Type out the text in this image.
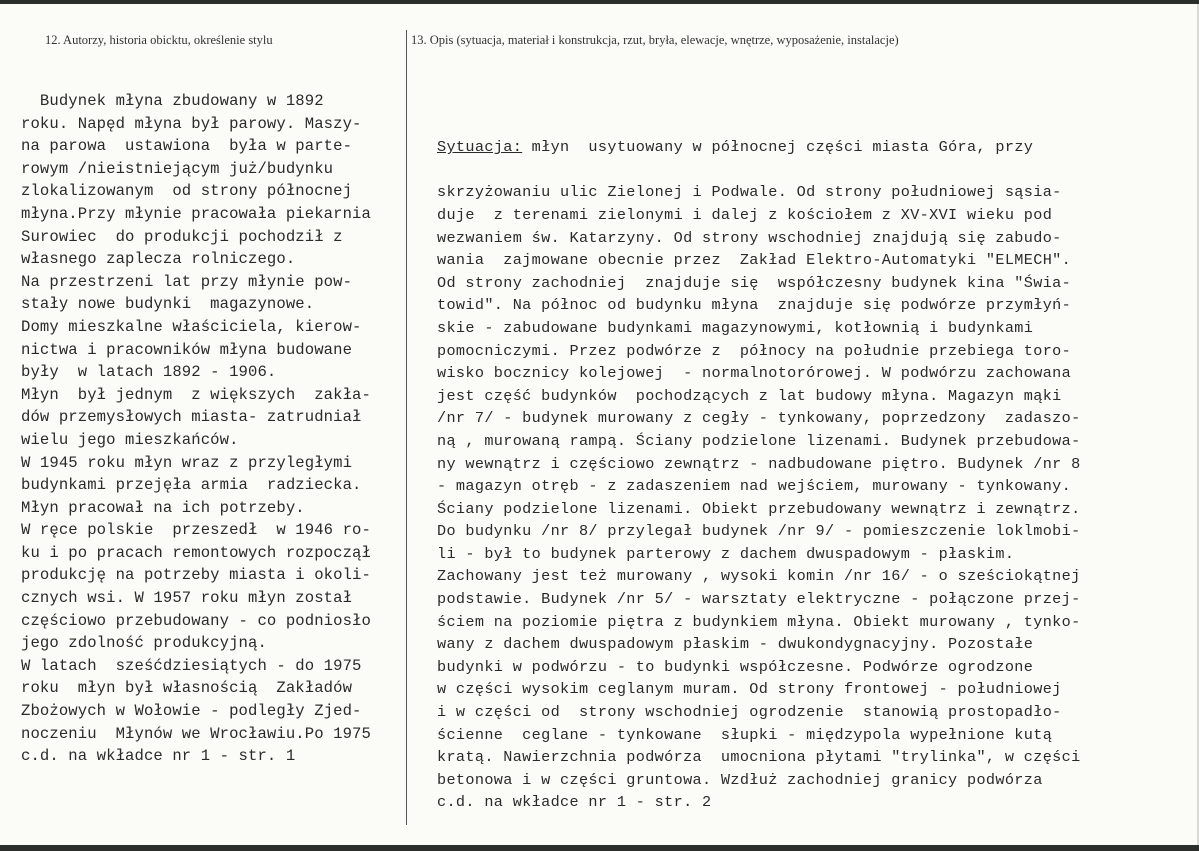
12. Autorzy, historia obicktu, określenie stylu	13. Opis (sytuacja, materiał i konstrukcja, rzut, bryła, elewacje, wnętrze, wyposażenie, instalacje)
Budynek młyna zbudowany w 1892
roku. Napęd młyna był parowy. Maszy-
na parowa  ustawiona  była w parte-
rowym /nieistniejącym już/budynku
zlokalizowanym  od strony północnej
młyna.Przy młynie pracowała piekarnia
Surowiec  do produkcji pochodził z
własnego zaplecza rolniczego.
Na przestrzeni lat przy młynie pow-
stały nowe budynki  magazynowe.
Domy mieszkalne właściciela, kierow-
nictwa i pracowników młyna budowane
były  w latach 1892 - 1906.
Młyn  był jednym  z większych  zakła-
dów przemysłowych miasta- zatrudniał
wielu jego mieszkańców.
W 1945 roku młyn wraz z przyległymi
budynkami przejęła armia  radziecka.
Młyn pracował na ich potrzeby.
W ręce polskie  przeszedł  w 1946 ro-
ku i po pracach remontowych rozpoczął
produkcję na potrzeby miasta i okoli-
cznych wsi. W 1957 roku młyn został
częściowo przebudowany - co podniosło
jego zdolność produkcyjną.
W latach  sześćdziesiątych - do 1975
roku  młyn był własnością  Zakładów
Zbożowych w Wołowie - podległy Zjed-
noczeniu  Młynów we Wrocławiu.Po 1975
c.d. na wkładce nr 1 - str. 1

Sytuacja: młyn  usytuowany w północnej części miasta Góra, przy

skrzyżowaniu ulic Zielonej i Podwale. Od strony południowej sąsia-
duje  z terenami zielonymi i dalej z kościołem z XV-XVI wieku pod
wezwaniem św. Katarzyny. Od strony wschodniej znajdują się zabudo-
wania  zajmowane obecnie przez  Zakład Elektro-Automatyki "ELMECH".
Od strony zachodniej  znajduje się  współczesny budynek kina "Świa-
towid". Na północ od budynku młyna  znajduje się podwórze przymłyń-
skie - zabudowane budynkami magazynowymi, kotłownią i budynkami
pomocniczymi. Przez podwórze z  północy na południe przebiega toro-
wisko bocznicy kolejowej  - normalnotorórowej. W podwórzu zachowana
jest część budynków  pochodzących z lat budowy młyna. Magazyn mąki
/nr 7/ - budynek murowany z cegły - tynkowany, poprzedzony  zadaszo-
ną , murowaną rampą. Ściany podzielone lizenami. Budynek przebudowa-
ny wewnątrz i częściowo zewnątrz - nadbudowane piętro. Budynek /nr 8
- magazyn otręb - z zadaszeniem nad wejściem, murowany - tynkowany.
Ściany podzielone lizenami. Obiekt przebudowany wewnątrz i zewnątrz.
Do budynku /nr 8/ przylegał budynek /nr 9/ - pomieszczenie loklmobi-
li - był to budynek parterowy z dachem dwuspadowym - płaskim.
Zachowany jest też murowany , wysoki komin /nr 16/ - o sześciokątnej
podstawie. Budynek /nr 5/ - warsztaty elektryczne - połączone przej-
ściem na poziomie piętra z budynkiem młyna. Obiekt murowany , tynko-
wany z dachem dwuspadowym płaskim - dwukondygnacyjny. Pozostałe
budynki w podwórzu - to budynki współczesne. Podwórze ogrodzone
w części wysokim ceglanym muram. Od strony frontowej - południowej
i w części od  strony wschodniej ogrodzenie  stanowią prostopadło-
ścienne  ceglane - tynkowane  słupki - międzypola wypełnione kutą
kratą. Nawierzchnia podwórza  umocniona płytami "trylinka", w części
betonowa i w części gruntowa. Wzdłuż zachodniej granicy podwórza
c.d. na wkładce nr 1 - str. 2
